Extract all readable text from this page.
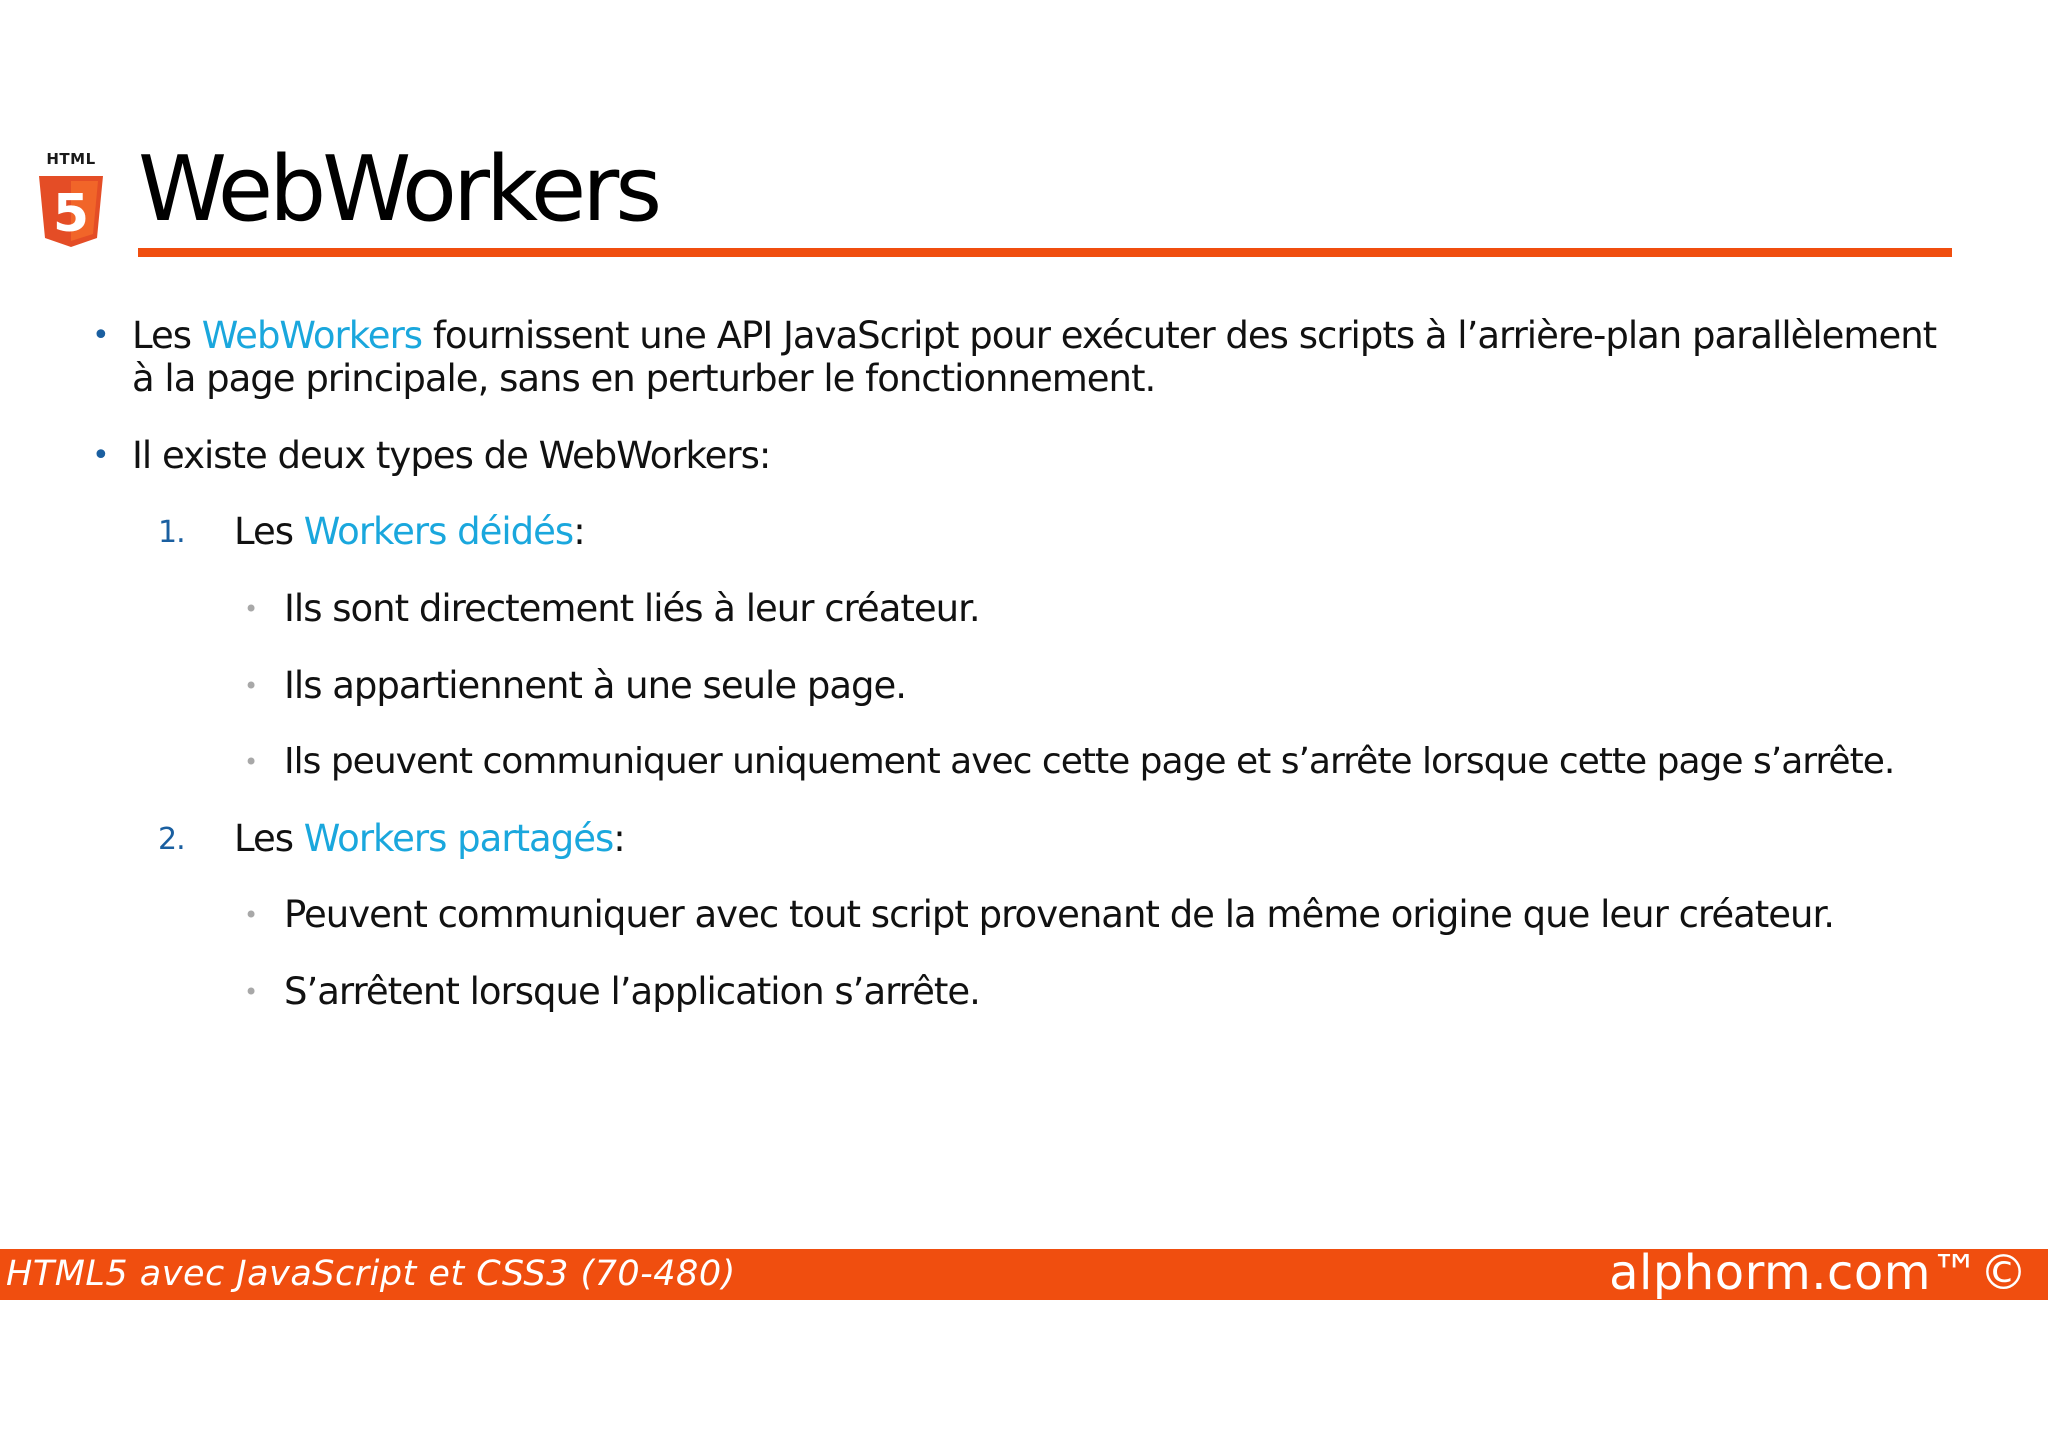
HTML
5 WebWorkers
• Les WebWorkers fournissent une API JavaScript pour exécuter des scripts à l’arrière-plan parallèlement
à la page principale, sans en perturber le fonctionnement.
• Il existe deux types de WebWorkers:
1. Les Workers déidés:
• Ils sont directement liés à leur créateur.
• Ils appartiennent à une seule page.
• Ils peuvent communiquer uniquement avec cette page et s’arrête lorsque cette page s’arrête.
2. Les Workers partagés:
• Peuvent communiquer avec tout script provenant de la même origine que leur créateur.
• S’arrêtent lorsque l’application s’arrête.
HTML5 avec JavaScript et CSS3 (70-480)	alphorm.com™©
